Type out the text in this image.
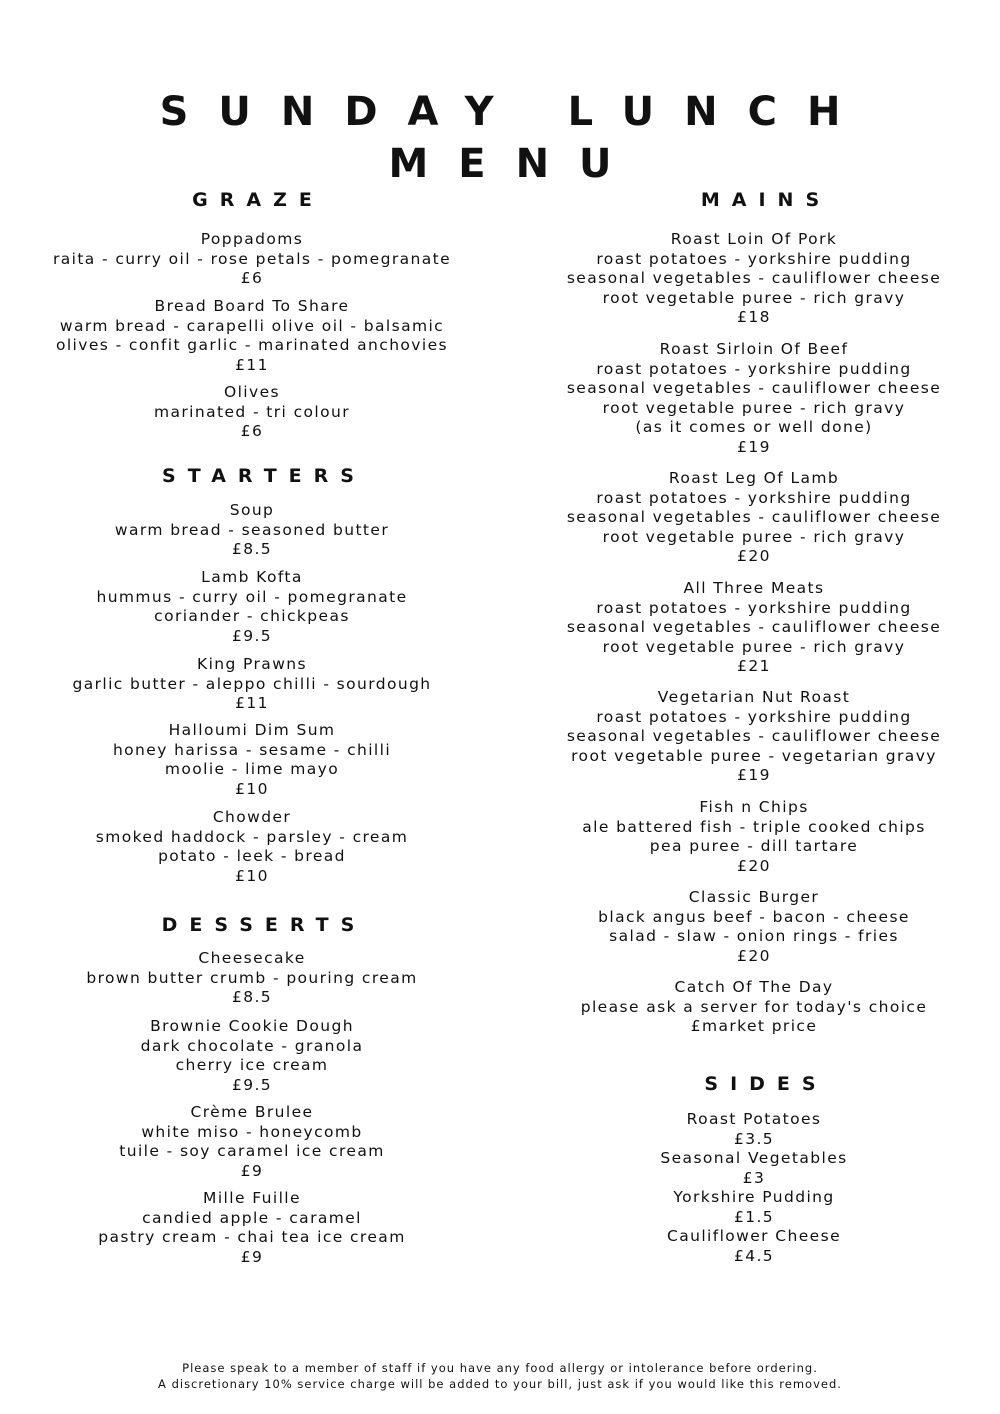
SUNDAY LUNCH MENU
GRAZE
Poppadoms
raita - curry oil - rose petals - pomegranate
£6
Bread Board To Share
warm bread - carapelli olive oil - balsamic
olives - confit garlic - marinated anchovies
£11
Olives
marinated - tri colour
£6
STARTERS
Soup
warm bread - seasoned butter
£8.5
Lamb Kofta
hummus - curry oil - pomegranate
coriander - chickpeas
£9.5
King Prawns
garlic butter - aleppo chilli - sourdough
£11
Halloumi Dim Sum
honey harissa - sesame - chilli
moolie - lime mayo
£10
Chowder
smoked haddock - parsley - cream
potato - leek - bread
£10
DESSERTS
Cheesecake
brown butter crumb - pouring cream
£8.5
Brownie Cookie Dough
dark chocolate - granola
cherry ice cream
£9.5
Crème Brulee
white miso - honeycomb
tuile - soy caramel ice cream
£9
Mille Fuille
candied apple - caramel
pastry cream - chai tea ice cream
£9
MAINS
Roast Loin Of Pork
roast potatoes - yorkshire pudding
seasonal vegetables - cauliflower cheese
root vegetable puree - rich gravy
£18
Roast Sirloin Of Beef
roast potatoes - yorkshire pudding
seasonal vegetables - cauliflower cheese
root vegetable puree - rich gravy
(as it comes or well done)
£19
Roast Leg Of Lamb
roast potatoes - yorkshire pudding
seasonal vegetables - cauliflower cheese
root vegetable puree - rich gravy
£20
All Three Meats
roast potatoes - yorkshire pudding
seasonal vegetables - cauliflower cheese
root vegetable puree - rich gravy
£21
Vegetarian Nut Roast
roast potatoes - yorkshire pudding
seasonal vegetables - cauliflower cheese
root vegetable puree - vegetarian gravy
£19
Fish n Chips
ale battered fish - triple cooked chips
pea puree - dill tartare
£20
Classic Burger
black angus beef - bacon - cheese
salad - slaw - onion rings - fries
£20
Catch Of The Day
please ask a server for today's choice
£market price
SIDES
Roast Potatoes
£3.5
Seasonal Vegetables
£3
Yorkshire Pudding
£1.5
Cauliflower Cheese
£4.5
Please speak to a member of staff if you have any food allergy or intolerance before ordering.
A discretionary 10% service charge will be added to your bill, just ask if you would like this removed.
